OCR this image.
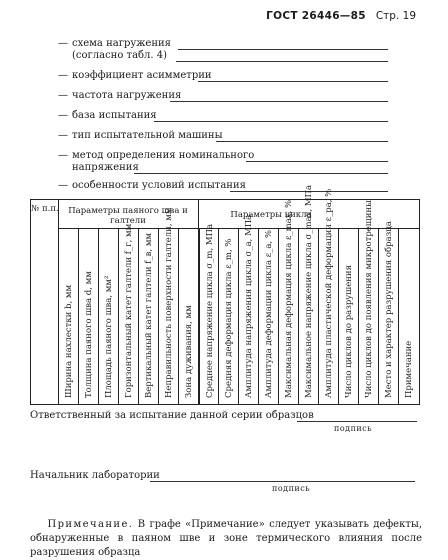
ГОСТ 26446—85 Стр. 19
— схема нагружения
(согласно табл. 4)
— коэффициент асимметрии
— частота нагружения
— база испытания
— тип испытательной машины
— метод определения номинального
напряжения
— особенности условий испытания
№ п.п.	Параметры паяного шва и галтели
Параметры цикла
Ширина нахлестки b, мм Толщина паяного шва d, мм Площадь паяного шва, мм² Горизонтальный катет галтели f_г, мм Вертикальный катет галтели f_в, мм Неправильность поверхности галтели, мм Зона дуживания, мм Среднее напряжение цикла σ_m, МПа Средняя деформация цикла ε_m, % Амплитуда напряжения цикла σ_a, МПа Амплитуда деформации цикла ε_a, % Максимальная деформация цикла ε_max, % Максимальное напряжение цикла σ_max, МПа Амплитуда пластической деформации ε_pa, % Число циклов до разрушения Число циклов до появления микротрещины Место и характер разрушения образца Примечание
Ответственный за испытание данной серии образцов
подпись
Начальник лаборатории
подпись
Примечание. В графе «Примечание» следует указывать дефекты, обнаруженные в паяном шве и зоне термического влияния после разрушения образца
